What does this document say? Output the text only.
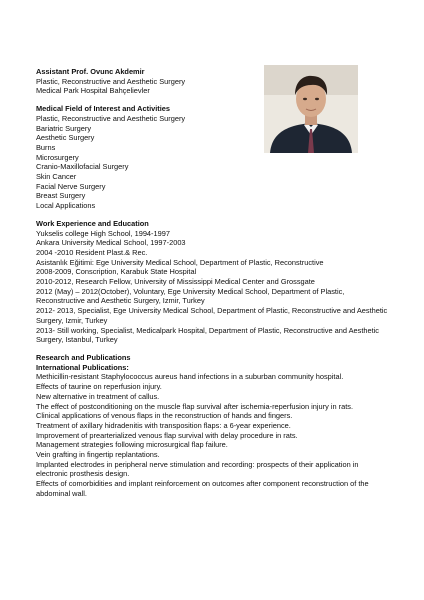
Assistant Prof. Ovunc Akdemir
Plastic, Reconstructive and Aesthetic Surgery
Medical Park Hospital Bahçelievler
Medical Field of Interest and Activities
Plastic, Reconstructive and Aesthetic Surgery
Bariatric Surgery
Aesthetic Surgery
Burns
Microsurgery
Cranio-Maxillofacial Surgery
Skin Cancer
Facial Nerve Surgery
Breast Surgery
Local Applications
Work Experience and Education
Yukselis college High School, 1994-1997
Ankara University Medical School, 1997-2003
2004 -2010 Resident Plast.& Rec.
Asistanlık Eğitimi: Ege University Medical School, Department of Plastic, Reconstructive
2008-2009, Conscription, Karabuk State Hospital
2010-2012, Research Fellow, University of Mississippi Medical Center and Grossgate
2012 (May) – 2012(October), Voluntary, Ege University Medical School, Department of Plastic, Reconstructive and Aesthetic Surgery, Izmir, Turkey
2012- 2013, Specialist, Ege University Medical School, Department of Plastic, Reconstructive and Aesthetic Surgery, Izmir, Turkey
2013- Still working, Specialist, Medicalpark Hospital, Department of Plastic, Reconstructive and Aesthetic Surgery, Istanbul, Turkey
Research and Publications
International Publications:
Methicillin-resistant Staphylococcus aureus hand infections in a suburban community hospital.
Effects of taurine on reperfusion injury.
New alternative in treatment of callus.
The effect of postconditioning on the muscle flap survival after ischemia-reperfusion injury in rats.
Clinical applications of venous flaps in the reconstruction of hands and fingers.
Treatment of axillary hidradenitis with transposition flaps: a 6-year experience.
Improvement of prearterialized venous flap survival with delay procedure in rats.
Management strategies following microsurgical flap failure.
Vein grafting in fingertip replantations.
Implanted electrodes in peripheral nerve stimulation and recording: prospects of their application in electronic prosthesis design.
Effects of comorbidities and implant reinforcement on outcomes after component reconstruction of the abdominal wall.
